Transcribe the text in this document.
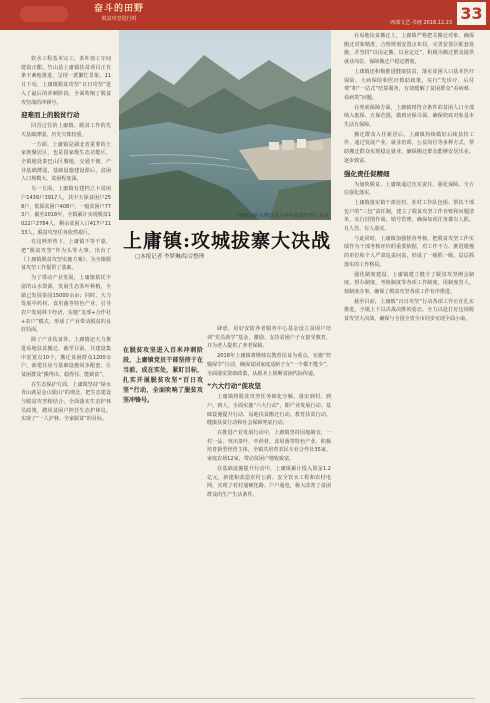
奋斗的田野
脱贫攻坚进行时
西部文艺·书画 2018.12.23 33

软水工程基本完工，茶叶加工车间建设正酣。竹山县上庸镇扶贫项目正有条不紊地推进，呈现一派繁忙景象。11月下旬，上庸镇脱贫攻坚“百日攻坚”进入了最后的冲刺阶段，全面吹响了脱贫攻坚战的冲锋号。

迎难而上的脱贫行动

回首过往的上庸镇，脱贫工作的先天基础薄弱，历史欠账较重。

一方面，上庸镇是湖北省重要的土家族聚居区，也是国家级生态功能区，全镇地处秦巴山区腹地，交通不便、产业基础薄弱，基础设施建设滞后，贫困人口规模大、贫困程度深。

另一方面，上庸镇有建档立卡贫困户1439户3917人，其中五保贫困户258户，低保贫困户408户，一般贫困户773户。截至2018年，全镇累计实现脱贫1022户2784人，剩余贫困人口417户1133人，脱贫攻坚任务依然艰巨。

在这种形势下，上庸镇不等不靠，把“脱贫攻坚”作为头等大事，出台了《上庸镇脱贫攻坚实施方案》，为全镇脱贫攻坚工作提供了基础。

为了带动产业发展，上庸镇依托丰富的山水资源，发展生态茶叶种植，全镇已发展茶园15000余亩；同时，大力发展中药材、食用菌等特色产业，引导农户发展林下经济，实施“支部+合作社+农户”模式，形成了产业带动脱贫的良好局面。

除了产业扶贫外，上庸镇还大力推进易地扶贫搬迁，截至目前，共建设集中安置点10个，搬迁贫困群众1200余户，新建住房与基础设施同步配套，让贫困群众“搬得出、稳得住、能致富”。

在生态保护方面，上庸镇坚持“绿水青山就是金山银山”的理念，把生态建设与脱贫攻坚相结合，全面落实生态护林员政策，聘用贫困户担任生态护林员，实现了“一人护林、全家脱贫”的目标。

上庸镇水码头搬迁成为乡村旅游的热门景点
上庸镇:攻城拔寨大决战
□本报记者 李梦琳/综合整理
在脱贫攻坚进入百米冲刺阶段，上庸镇党员干部坚持于在当前、成在实处，紧盯目标，扎实开展脱贫攻坚“百日攻坚”行动，全面吹响了脱贫攻坚冲锋号。

肆虐，用好安防养老服务中心基金设立贫困户培训“党员助学”基金，激励、支持贫困户子女接受教育，并为老人提供了养老保障。

2018年上庸镇将继续以教育扶贫为重点，实施“控辍保学”行动，确保贫困家庭适龄子女“一个都不能少”，全面落实资助政策，从根本上阻断贫困代际传递。

“六大行动”促攻坚

上庸镇将脱贫攻坚任务细化分解，落实到村、到户、到人，全面实施“六大行动”，即产业发展行动、基础设施提升行动、易地扶贫搬迁行动、教育扶贫行动、健康扶贫行动和社会保障兜底行动。

在推进产业发展行动中，上庸镇坚持因地制宜、一村一品，突出茶叶、中药材、食用菌等特色产业，积极培育新型经营主体，全镇共培育农民专业合作社35家、家庭农场12家，带动贫困户增收致富。

在基础设施提升行动中，上庸镇累计投入资金1.2亿元，新建和改造农村公路、安全饮水工程和农村电网，实现了村村通硬化路、户户通电，极大改善了贫困群众的生产生活条件。

在易地扶贫搬迁上，上庸镇严格把关搬迁对象，确保搬迁对象精准，合理规划安置点布局，完善安置区配套设施，并坚持“以岗定搬、以业定迁”，积极为搬迁群众提供就业岗位，保障搬迁户稳定增收。

上庸镇还积极推进健康扶贫，落实贫困人口基本医疗保险、大病保险和医疗救助政策，实行“先诊疗、后付费”和“一站式”结算服务，有效缓解了贫困群众“看病难、看病贵”问题。

在兜底保障方面，上庸镇将符合条件的贫困人口全部纳入低保、五保范围，做到应保尽保，确保兜底对象基本生活有保障。

搬迁群众入住新居后，上庸镇持续做好后续扶持工作，通过发展产业、就业培训、公益岗位等多种方式，帮助搬迁群众实现稳定就业，确保搬迁群众能够安居乐业、逐步致富。

强化责任促精细

为加快脱贫，上庸镇通过压实责任、强化保障、全方位强化落实。

上庸镇落实镇干部包村、驻村工作队包组、帮扶干部包户的“三包”责任制，建立了脱贫攻坚工作台账和问题清单，实行挂图作战、销号管理，确保每项任务都有人抓、有人管、有人落实。

与此同时，上庸镇加强督查考核，把脱贫攻坚工作实绩作为干部考核评价的重要依据，对工作不力、推进缓慢的单位和个人严肃追责问责，形成了一级抓一级、层层抓落实的工作格局。

强化制度建设。上庸镇建立健全了脱贫攻坚例会制度、督办制度、考核制度等各项工作制度，用制度管人、按制度办事，确保了脱贫攻坚各项工作有序推进。

截至目前，上庸镇“百日攻坚”行动各项工作正在扎实推进，全镇上下以决战决胜的姿态，全力以赴打好这场脱贫攻坚大决战，确保与全国全省全市同步实现全面小康。
